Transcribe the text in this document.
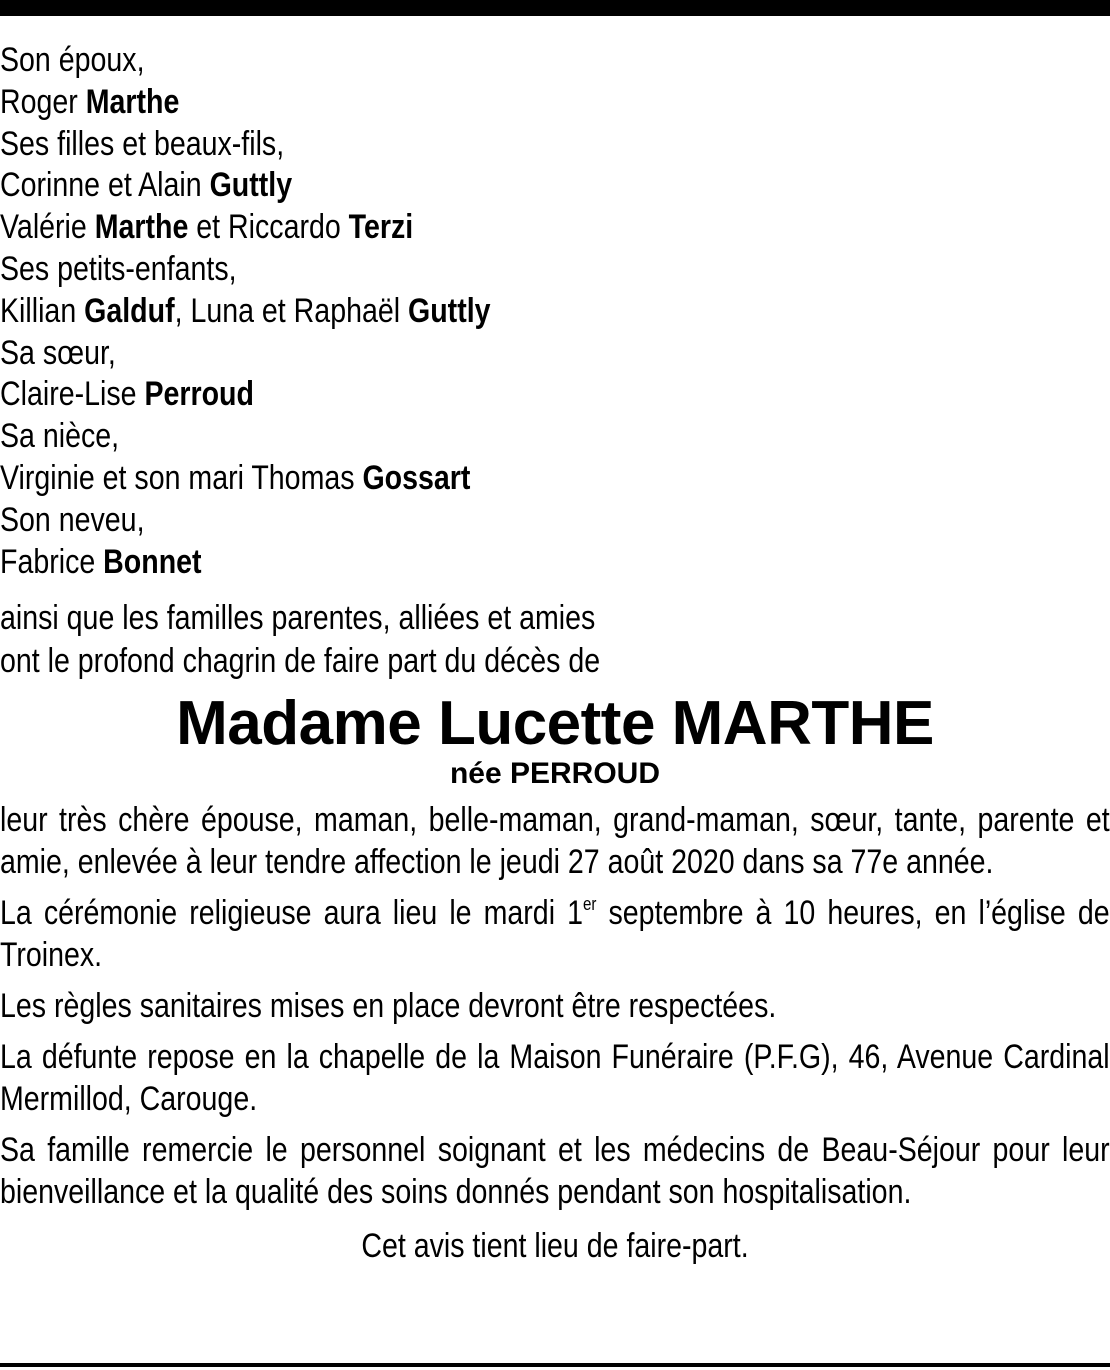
Son époux,
Roger Marthe
Ses filles et beaux-fils,
Corinne et Alain Guttly
Valérie Marthe et Riccardo Terzi
Ses petits-enfants,
Killian Galduf, Luna et Raphaël Guttly
Sa sœur,
Claire-Lise Perroud
Sa nièce,
Virginie et son mari Thomas Gossart
Son neveu,
Fabrice Bonnet
ainsi que les familles parentes, alliées et amies
ont le profond chagrin de faire part du décès de
Madame Lucette MARTHE
née PERROUD

leur très chère épouse, maman, belle-maman, grand-maman, sœur, tante, parente et amie, enlevée à leur tendre affection le jeudi 27 août 2020 dans sa 77e année.

La cérémonie religieuse aura lieu le mardi 1er septembre à 10 heures, en l’église de Troinex.

Les règles sanitaires mises en place devront être respectées.

La défunte repose en la chapelle de la Maison Funéraire (P.F.G), 46, Avenue Cardinal Mermillod, Carouge.

Sa famille remercie le personnel soignant et les médecins de Beau-Séjour pour leur bienveillance et la qualité des soins donnés pendant son hospitalisation.

Cet avis tient lieu de faire-part.
